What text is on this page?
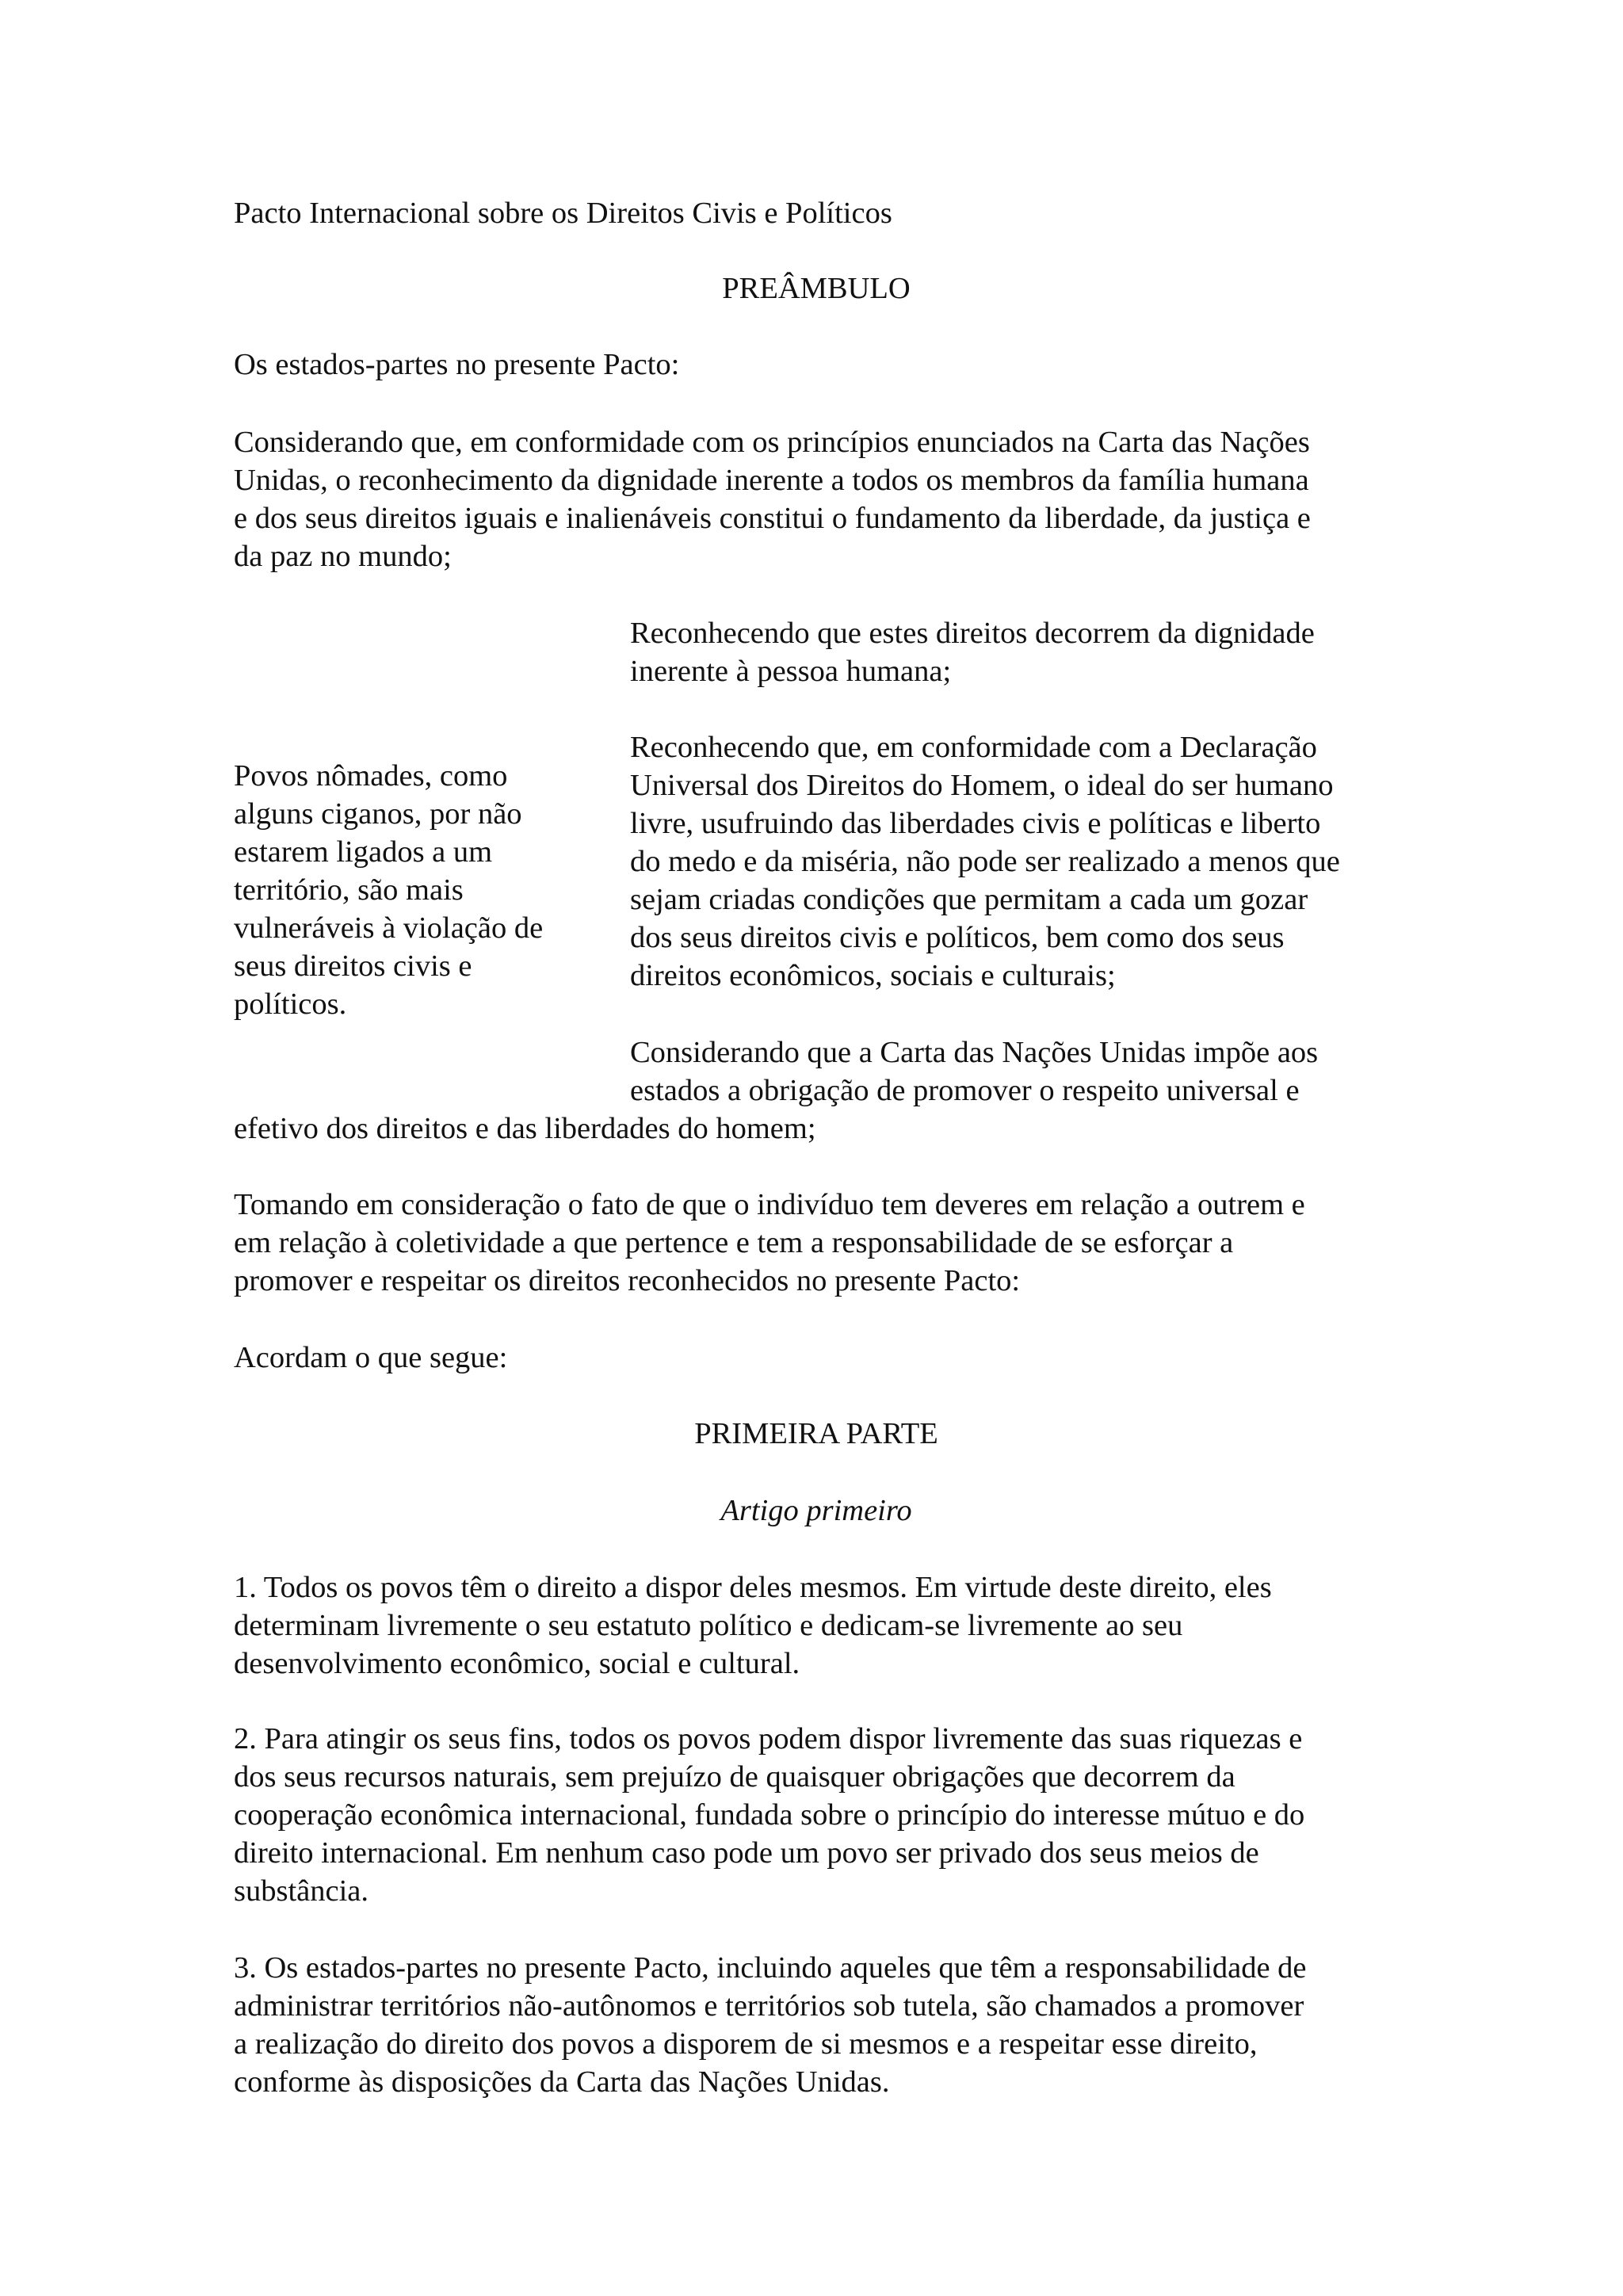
Pacto Internacional sobre os Direitos Civis e Políticos

PREÂMBULO

Os estados-partes no presente Pacto:

Considerando que, em conformidade com os princípios enunciados na Carta das Nações
Unidas, o reconhecimento da dignidade inerente a todos os membros da família humana
e dos seus direitos iguais e inalienáveis constitui o fundamento da liberdade, da justiça e
da paz no mundo;

Reconhecendo que estes direitos decorrem da dignidade
inerente à pessoa humana;

Reconhecendo que, em conformidade com a Declaração
Universal dos Direitos do Homem, o ideal do ser humano
livre, usufruindo das liberdades civis e políticas e liberto
do medo e da miséria, não pode ser realizado a menos que
sejam criadas condições que permitam a cada um gozar
dos seus direitos civis e políticos, bem como dos seus
direitos econômicos, sociais e culturais;

Povos nômades, como
alguns ciganos, por não
estarem ligados a um
território, são mais
vulneráveis à violação de
seus direitos civis e
políticos.

Considerando que a Carta das Nações Unidas impõe aos
estados a obrigação de promover o respeito universal e

efetivo dos direitos e das liberdades do homem;

Tomando em consideração o fato de que o indivíduo tem deveres em relação a outrem e
em relação à coletividade a que pertence e tem a responsabilidade de se esforçar a
promover e respeitar os direitos reconhecidos no presente Pacto:

Acordam o que segue:

PRIMEIRA PARTE

Artigo primeiro

1. Todos os povos têm o direito a dispor deles mesmos. Em virtude deste direito, eles
determinam livremente o seu estatuto político e dedicam-se livremente ao seu
desenvolvimento econômico, social e cultural.

2. Para atingir os seus fins, todos os povos podem dispor livremente das suas riquezas e
dos seus recursos naturais, sem prejuízo de quaisquer obrigações que decorrem da
cooperação econômica internacional, fundada sobre o princípio do interesse mútuo e do
direito internacional. Em nenhum caso pode um povo ser privado dos seus meios de
substância.

3. Os estados-partes no presente Pacto, incluindo aqueles que têm a responsabilidade de
administrar territórios não-autônomos e territórios sob tutela, são chamados a promover
a realização do direito dos povos a disporem de si mesmos e a respeitar esse direito,
conforme às disposições da Carta das Nações Unidas.
